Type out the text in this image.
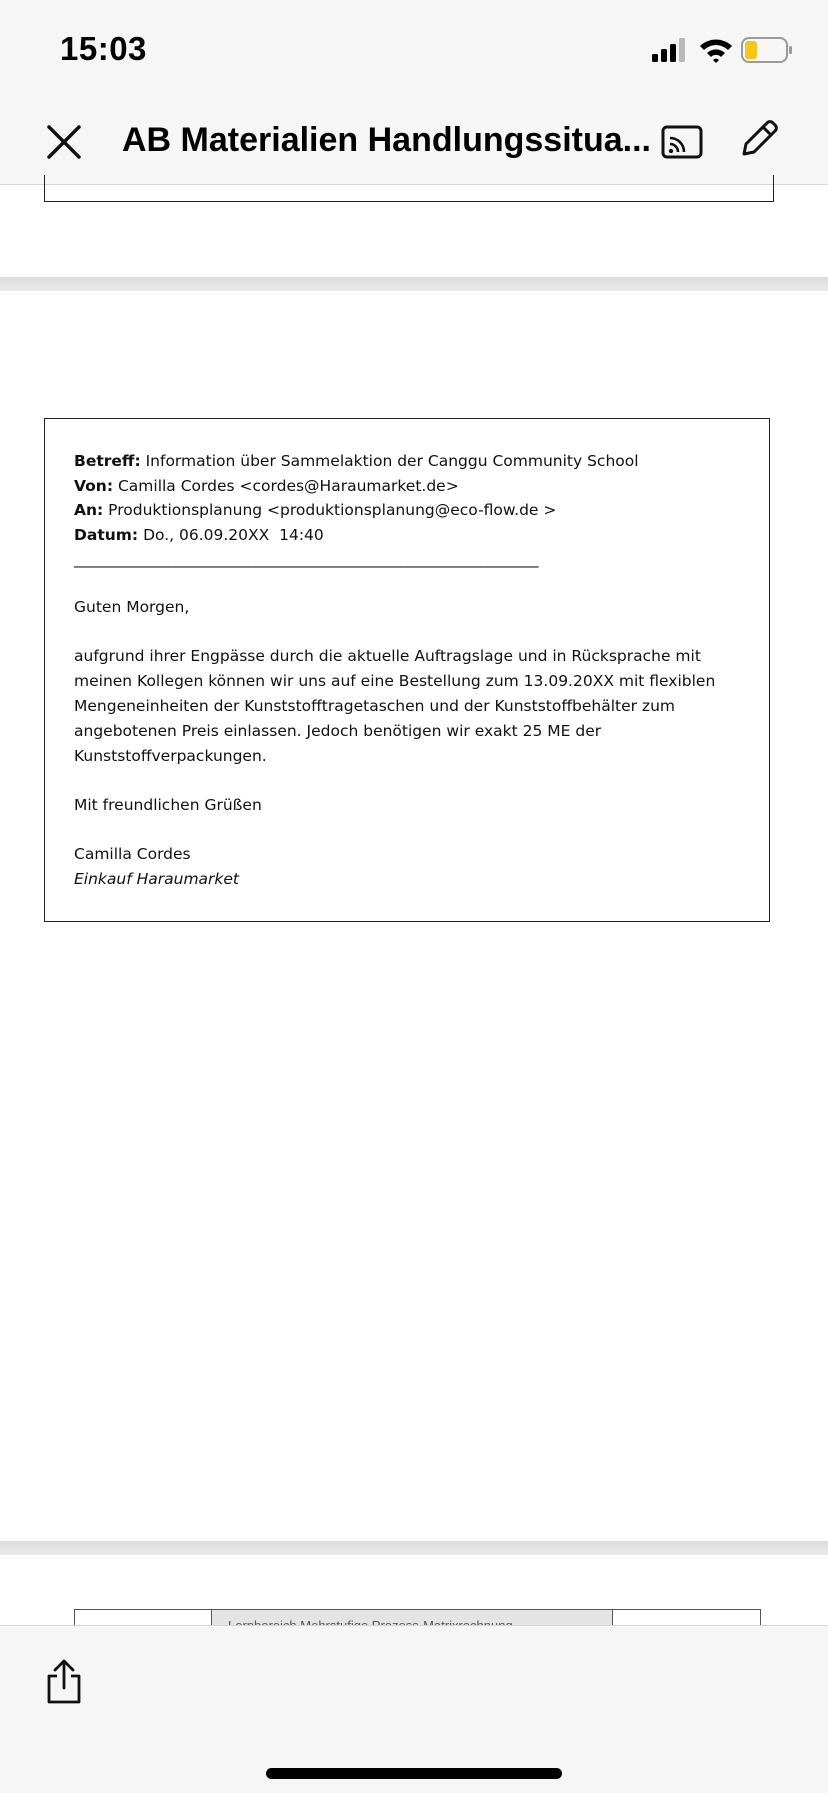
15:03
AB Materialien Handlungssitua...
Betreff: Information über Sammelaktion der Canggu Community School
Von: Camilla Cordes <cordes@Haraumarket.de>
An: Produktionsplanung <produktionsplanung@eco-flow.de >
Datum: Do., 06.09.20XX  14:40
________________________________________________________________
Guten Morgen,
aufgrund ihrer Engpässe durch die aktuelle Auftragslage und in Rücksprache mit meinen Kollegen können wir uns auf eine Bestellung zum 13.09.20XX mit flexiblen Mengeneinheiten der Kunststofftragetaschen und der Kunststoffbehälter zum angebotenen Preis einlassen. Jedoch benötigen wir exakt 25 ME der Kunststoffverpackungen.
Mit freundlichen Grüßen
Camilla Cordes
Einkauf Haraumarket
